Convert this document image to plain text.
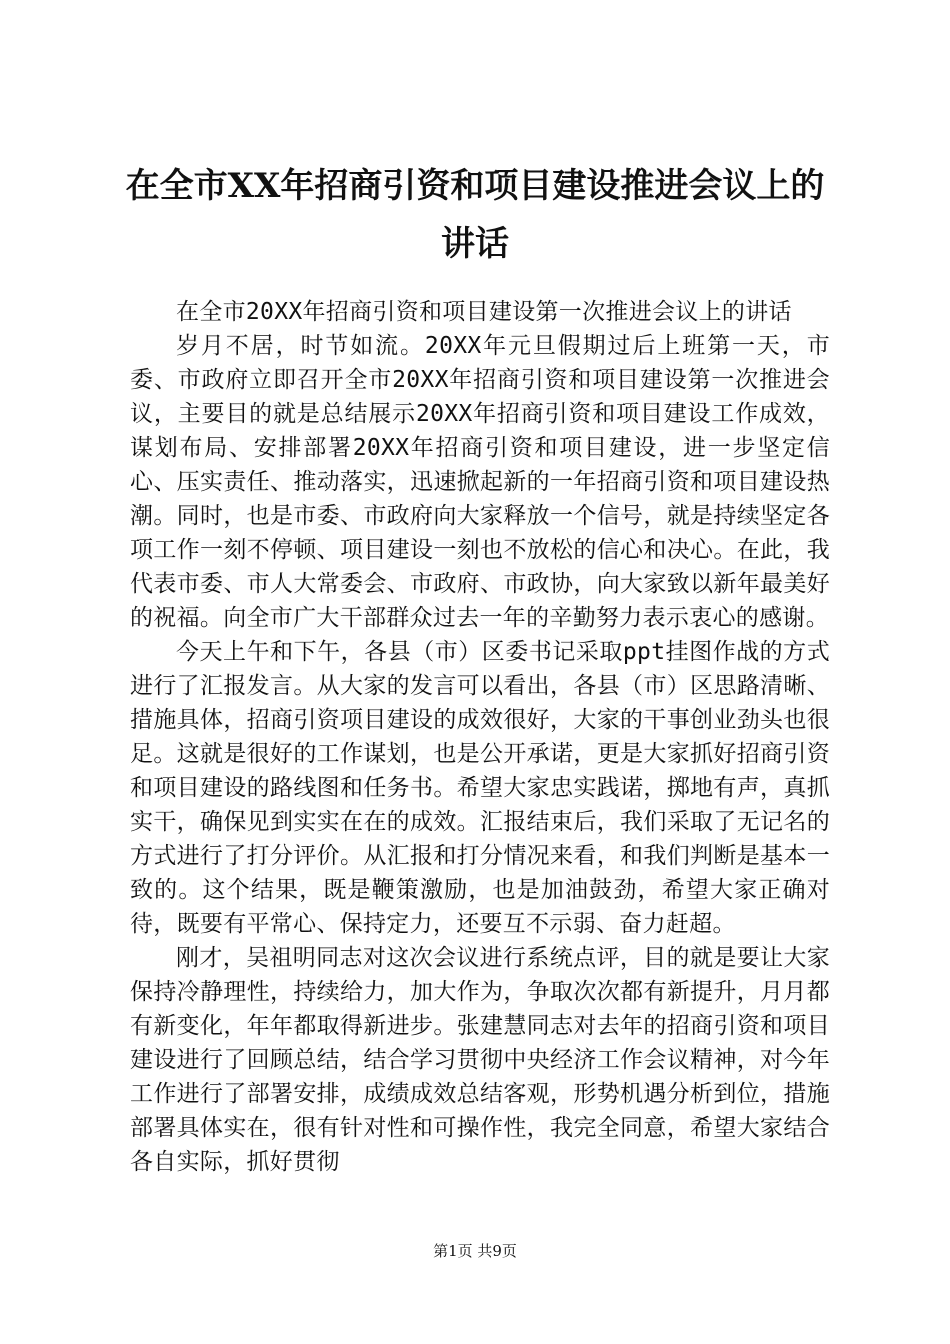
在全市XX年招商引资和项目建设推进会议上的讲话

在全市20XX年招商引资和项目建设第一次推进会议上的讲话

岁月不居，时节如流。20XX年元旦假期过后上班第一天，市委、市政府立即召开全市20XX年招商引资和项目建设第一次推进会议，主要目的就是总结展示20XX年招商引资和项目建设工作成效，谋划布局、安排部署20XX年招商引资和项目建设，进一步坚定信心、压实责任、推动落实，迅速掀起新的一年招商引资和项目建设热潮。同时，也是市委、市政府向大家释放一个信号，就是持续坚定各项工作一刻不停顿、项目建设一刻也不放松的信心和决心。在此，我代表市委、市人大常委会、市政府、市政协，向大家致以新年最美好的祝福。向全市广大干部群众过去一年的辛勤努力表示衷心的感谢。

今天上午和下午，各县（市）区委书记采取ppt挂图作战的方式进行了汇报发言。从大家的发言可以看出，各县（市）区思路清晰、措施具体，招商引资项目建设的成效很好，大家的干事创业劲头也很足。这就是很好的工作谋划，也是公开承诺，更是大家抓好招商引资和项目建设的路线图和任务书。希望大家忠实践诺，掷地有声，真抓实干，确保见到实实在在的成效。汇报结束后，我们采取了无记名的方式进行了打分评价。从汇报和打分情况来看，和我们判断是基本一致的。这个结果，既是鞭策激励，也是加油鼓劲，希望大家正确对待，既要有平常心、保持定力，还要互不示弱、奋力赶超。

刚才，吴祖明同志对这次会议进行系统点评，目的就是要让大家保持冷静理性，持续给力，加大作为，争取次次都有新提升，月月都有新变化，年年都取得新进步。张建慧同志对去年的招商引资和项目建设进行了回顾总结，结合学习贯彻中央经济工作会议精神，对今年工作进行了部署安排，成绩成效总结客观，形势机遇分析到位，措施部署具体实在，很有针对性和可操作性，我完全同意，希望大家结合各自实际，抓好贯彻

第1页 共9页
